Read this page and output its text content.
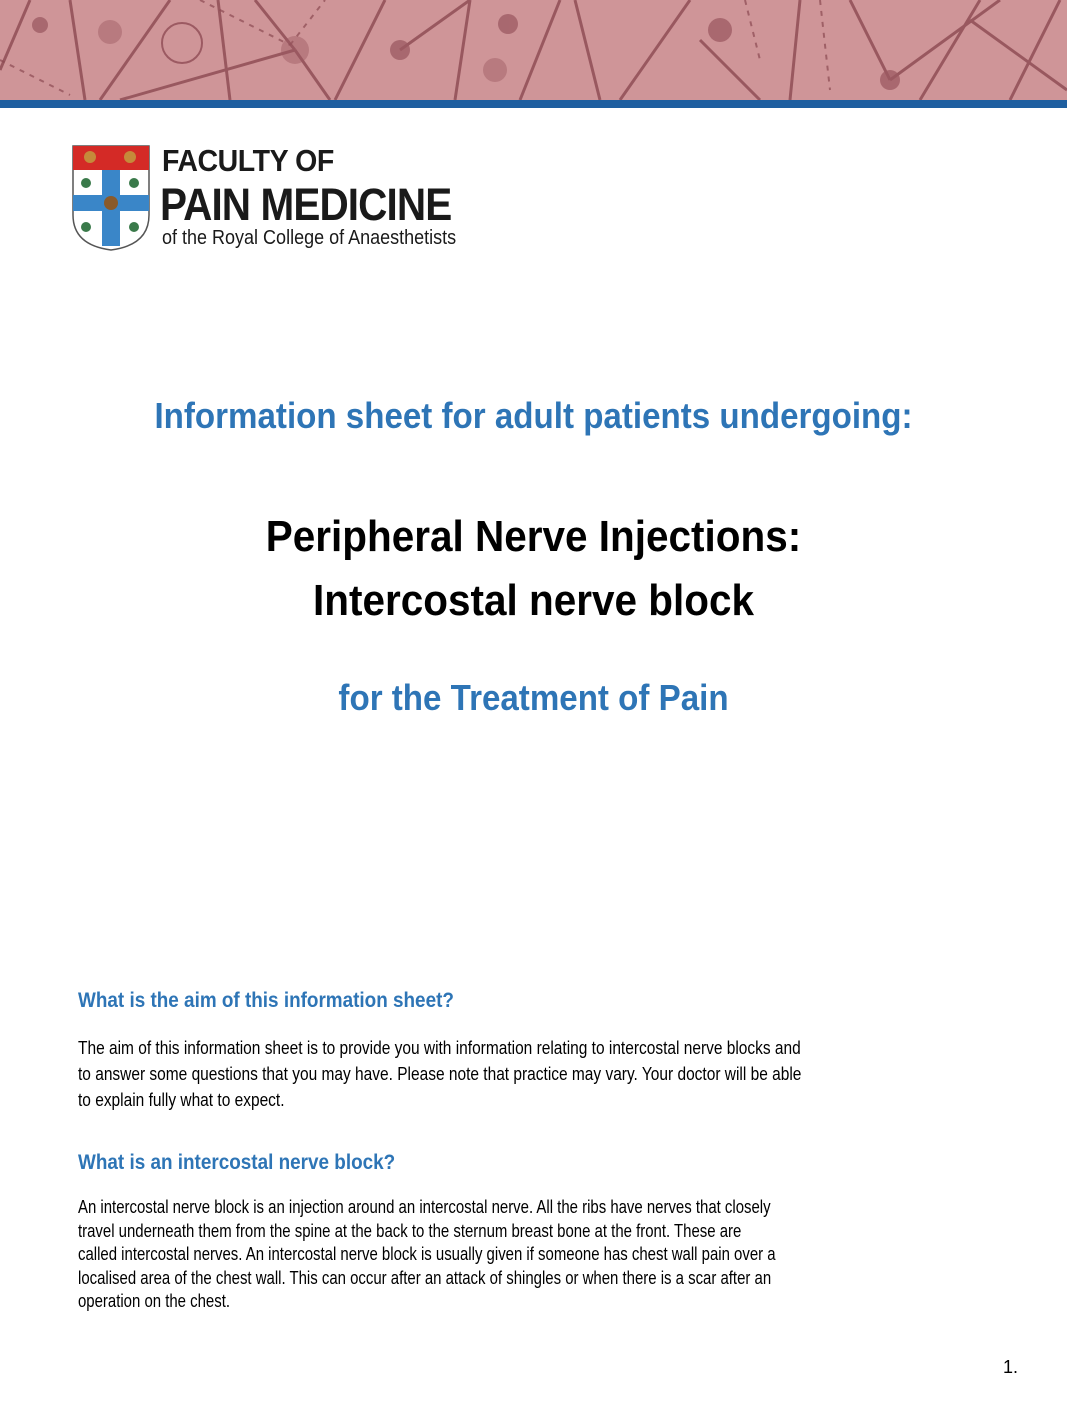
FACULTY OF
PAIN MEDICINE
of the Royal College of Anaesthetists
Information sheet for adult patients undergoing:
Peripheral Nerve Injections:
Intercostal nerve block
for the Treatment of Pain
What is the aim of this information sheet?
The aim of this information sheet is to provide you with information relating to intercostal nerve blocks and
to answer some questions that you may have. Please note that practice may vary. Your doctor will be able
to explain fully what to expect.
What is an intercostal nerve block?
An intercostal nerve block is an injection around an intercostal nerve. All the ribs have nerves that closely
travel underneath them from the spine at the back to the sternum breast bone at the front. These are
called intercostal nerves. An intercostal nerve block is usually given if someone has chest wall pain over a
localised area of the chest wall. This can occur after an attack of shingles or when there is a scar after an
operation on the chest.
1.
